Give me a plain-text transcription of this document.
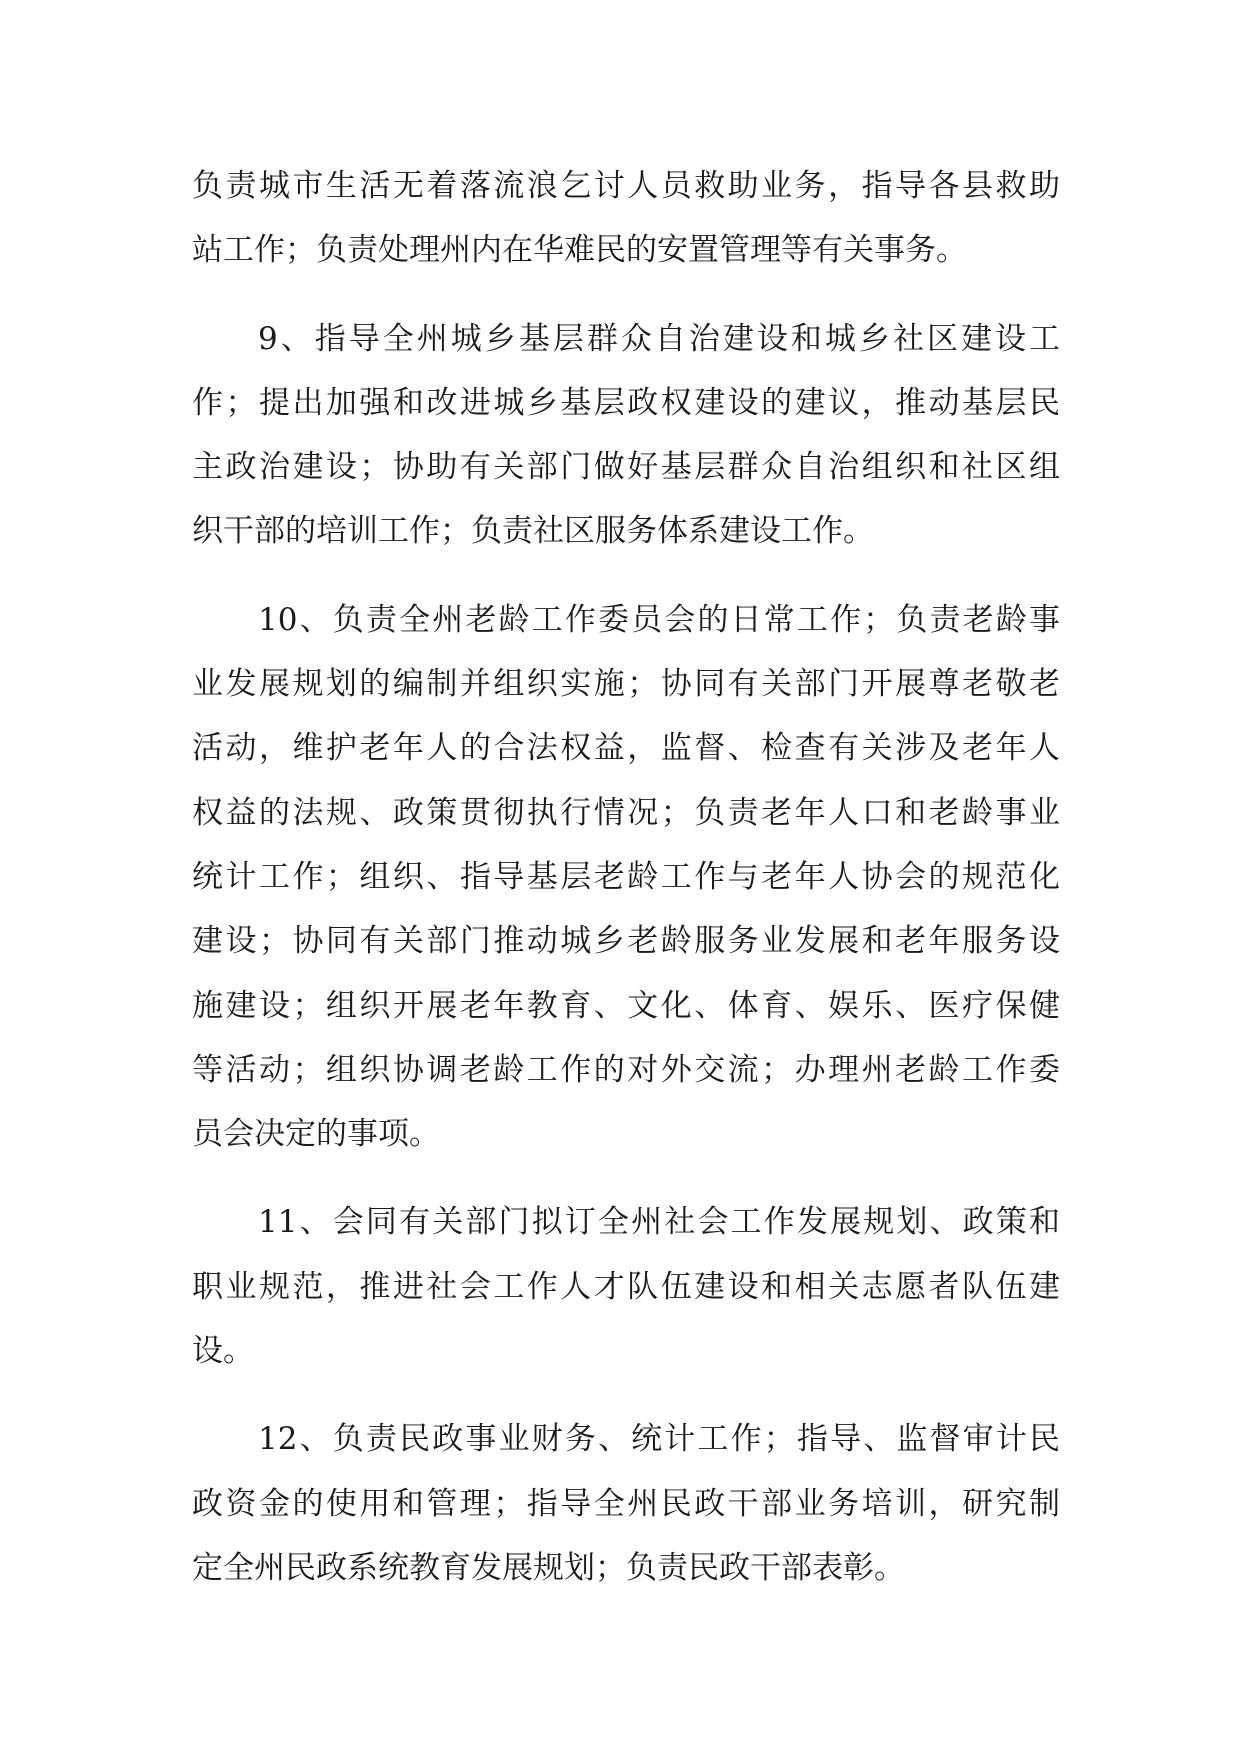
负责城市生活无着落流浪乞讨人员救助业务，指导各县救助
站工作；负责处理州内在华难民的安置管理等有关事务。
9、指导全州城乡基层群众自治建设和城乡社区建设工
作；提出加强和改进城乡基层政权建设的建议，推动基层民
主政治建设；协助有关部门做好基层群众自治组织和社区组
织干部的培训工作；负责社区服务体系建设工作。
10、负责全州老龄工作委员会的日常工作；负责老龄事
业发展规划的编制并组织实施；协同有关部门开展尊老敬老
活动，维护老年人的合法权益，监督、检查有关涉及老年人
权益的法规、政策贯彻执行情况；负责老年人口和老龄事业
统计工作；组织、指导基层老龄工作与老年人协会的规范化
建设；协同有关部门推动城乡老龄服务业发展和老年服务设
施建设；组织开展老年教育、文化、体育、娱乐、医疗保健
等活动；组织协调老龄工作的对外交流；办理州老龄工作委
员会决定的事项。
11、会同有关部门拟订全州社会工作发展规划、政策和
职业规范，推进社会工作人才队伍建设和相关志愿者队伍建
设。
12、负责民政事业财务、统计工作；指导、监督审计民
政资金的使用和管理；指导全州民政干部业务培训，研究制
定全州民政系统教育发展规划；负责民政干部表彰。
